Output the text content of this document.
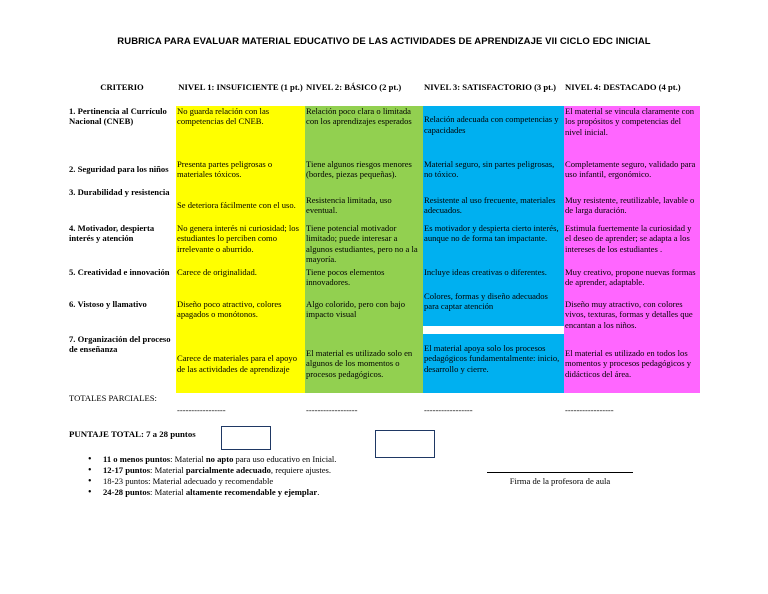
RUBRICA PARA EVALUAR MATERIAL EDUCATIVO DE LAS ACTIVIDADES DE APRENDIZAJE VII CICLO EDC INICIAL
CRITERIO	NIVEL 1: INSUFICIENTE (1 pt.)	NIVEL 2: BÁSICO (2 pt.)	NIVEL 3: SATISFACTORIO (3 pt.)	NIVEL 4: DESTACADO (4 pt.)
1. Pertinencia al Currículo Nacional (CNEB)	No guarda relación con las competencias del CNEB.	Relación poco clara o limitada con los aprendizajes esperados	Relación adecuada con competencias y capacidades	El material se vincula claramente con los propósitos y competencias del nivel inicial.
2. Seguridad para los niños	Presenta partes peligrosas o materiales tóxicos.	Tiene algunos riesgos menores (bordes, piezas pequeñas).	Material seguro, sin partes peligrosas, no tóxico.	Completamente seguro, validado para uso infantil, ergonómico.
3. Durabilidad y resistencia	Se deteriora fácilmente con el uso.	Resistencia limitada, uso eventual.	Resistente al uso frecuente, materiales adecuados.	Muy resistente, reutilizable, lavable o de larga duración.
4. Motivador, despierta interés y atención	No genera interés ni curiosidad; los estudiantes lo perciben como irrelevante o aburrido.	Tiene potencial motivador limitado; puede interesar a algunos estudiantes, pero no a la mayoría.	Es motivador y despierta cierto interés, aunque no de forma tan impactante.	Estimula fuertemente la curiosidad y el deseo de aprender; se adapta a los intereses de los estudiantes .
5. Creatividad e innovación	Carece de originalidad.	Tiene pocos elementos innovadores.	Incluye ideas creativas o diferentes.	Muy creativo, propone nuevas formas de aprender, adaptable.
6. Vistoso y llamativo	Diseño poco atractivo, colores apagados o monótonos.	Algo colorido, pero con bajo impacto visual	Colores, formas y diseño adecuados para captar atención	Diseño muy atractivo, con colores vivos, texturas, formas y detalles que encantan a los niños.
7. Organización del proceso de enseñanza	Carece de materiales para el apoyo de las actividades de aprendizaje	El material es utilizado solo en algunos de los momentos o procesos pedagógicos.	El material apoya solo los procesos pedagógicos fundamentalmente: inicio, desarrollo y cierre.	El material es utilizado en todos los momentos y procesos pedagógicos y didácticos del área.
TOTALES PARCIALES:	-----------------	------------------	-----------------	-----------------
PUNTAJE TOTAL: 7 a 28 puntos
• 11 o menos puntos: Material no apto para uso educativo en Inicial.
• 12-17 puntos: Material parcialmente adecuado, requiere ajustes.
• 18-23 puntos: Material adecuado y recomendable
• 24-28 puntos: Material altamente recomendable y ejemplar.
Firma de la profesora de aula
